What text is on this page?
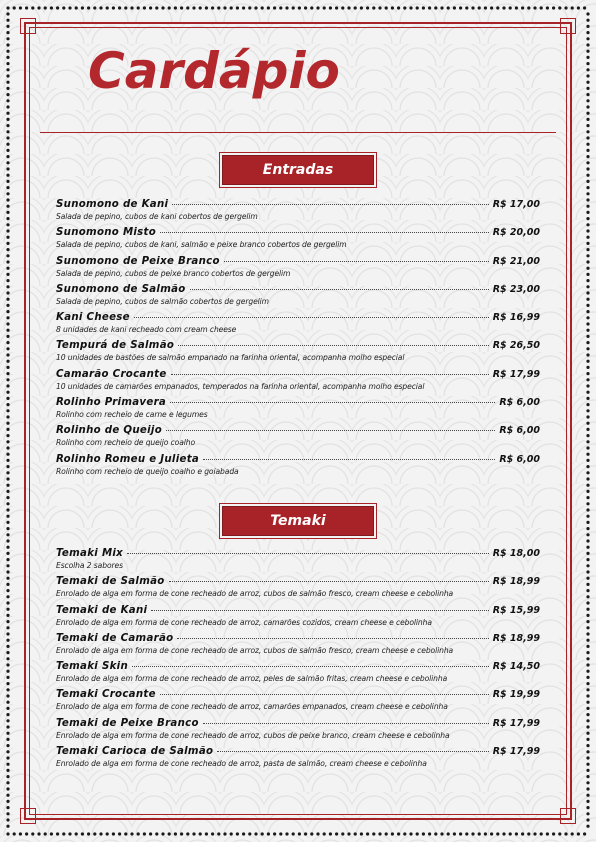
Cardápio
Entradas
Sunomono de Kani	R$ 17,00
Salada de pepino, cubos de kani cobertos de gergelim
Sunomono Misto	R$ 20,00
Salada de pepino, cubos de kani, salmão e peixe branco cobertos de gergelim
Sunomono de Peixe Branco	R$ 21,00
Salada de pepino, cubos de peixe branco cobertos de gergelim
Sunomono de Salmão	R$ 23,00
Salada de pepino, cubos de salmão cobertos de gergelim
Kani Cheese	R$ 16,99
8 unidades de kani recheado com cream cheese
Tempurá de Salmão	R$ 26,50
10 unidades de bastões de salmão empanado na farinha oriental, acompanha molho especial
Camarão Crocante	R$ 17,99
10 unidades de camarões empanados, temperados na farinha oriental, acompanha molho especial
Rolinho Primavera	R$ 6,00
Rolinho com recheio de carne e legumes
Rolinho de Queijo	R$ 6,00
Rolinho com recheio de queijo coalho
Rolinho Romeu e Julieta	R$ 6,00
Rolinho com recheio de queijo coalho e goiabada
Temaki
Temaki Mix	R$ 18,00
Escolha 2 sabores
Temaki de Salmão	R$ 18,99
Enrolado de alga em forma de cone recheado de arroz, cubos de salmão fresco, cream cheese e cebolinha
Temaki de Kani	R$ 15,99
Enrolado de alga em forma de cone recheado de arroz, camarões cozidos, cream cheese e cebolinha
Temaki de Camarão	R$ 18,99
Enrolado de alga em forma de cone recheado de arroz, cubos de salmão fresco, cream cheese e cebolinha
Temaki Skin	R$ 14,50
Enrolado de alga em forma de cone recheado de arroz, peles de salmão fritas, cream cheese e cebolinha
Temaki Crocante	R$ 19,99
Enrolado de alga em forma de cone recheado de arroz, camarões empanados, cream cheese e cebolinha
Temaki de Peixe Branco	R$ 17,99
Enrolado de alga em forma de cone recheado de arroz, cubos de peixe branco, cream cheese e cebolinha
Temaki Carioca de Salmão	R$ 17,99
Enrolado de alga em forma de cone recheado de arroz, pasta de salmão, cream cheese e cebolinha
